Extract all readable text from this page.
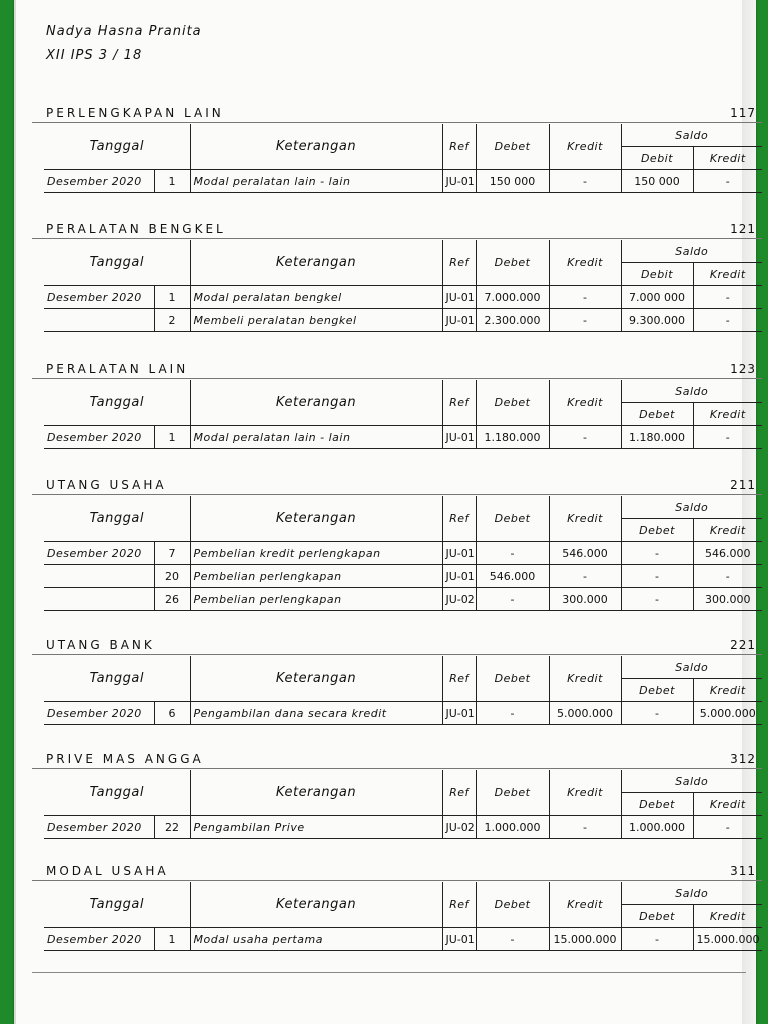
Nadya Hasna Pranita
XII IPS 3 / 18
PERLENGKAPAN LAIN	117
Tanggal		Keterangan	Ref	Debet	Kredit	Saldo	
						Debit	Kredit
Desember 2020	1	Modal peralatan lain - lain	JU-01	150 000	-	150 000	-
PERALATAN BENGKEL	121
Tanggal		Keterangan	Ref	Debet	Kredit	Saldo	
						Debit	Kredit
Desember 2020	1	Modal peralatan bengkel	JU-01	7.000.000	-	7.000 000	-
	2	Membeli peralatan bengkel	JU-01	2.300.000	-	9.300.000	-
PERALATAN LAIN	123
Tanggal		Keterangan	Ref	Debet	Kredit	Saldo	
						Debet	Kredit
Desember 2020	1	Modal peralatan lain - lain	JU-01	1.180.000	-	1.180.000	-
UTANG USAHA	211
Tanggal		Keterangan	Ref	Debet	Kredit	Saldo	
						Debet	Kredit
Desember 2020	7	Pembelian kredit perlengkapan	JU-01	-	546.000	-	546.000
	20	Pembelian perlengkapan	JU-01	546.000	-	-	-
	26	Pembelian perlengkapan	JU-02	-	300.000	-	300.000
UTANG BANK	221
Tanggal		Keterangan	Ref	Debet	Kredit	Saldo	
						Debet	Kredit
Desember 2020	6	Pengambilan dana secara kredit	JU-01	-	5.000.000	-	5.000.000
PRIVE MAS ANGGA	312
Tanggal		Keterangan	Ref	Debet	Kredit	Saldo	
						Debet	Kredit
Desember 2020	22	Pengambilan Prive	JU-02	1.000.000	-	1.000.000	-
MODAL USAHA	311
Tanggal		Keterangan	Ref	Debet	Kredit	Saldo	
						Debet	Kredit
Desember 2020	1	Modal usaha pertama	JU-01	-	15.000.000	-	15.000.000
